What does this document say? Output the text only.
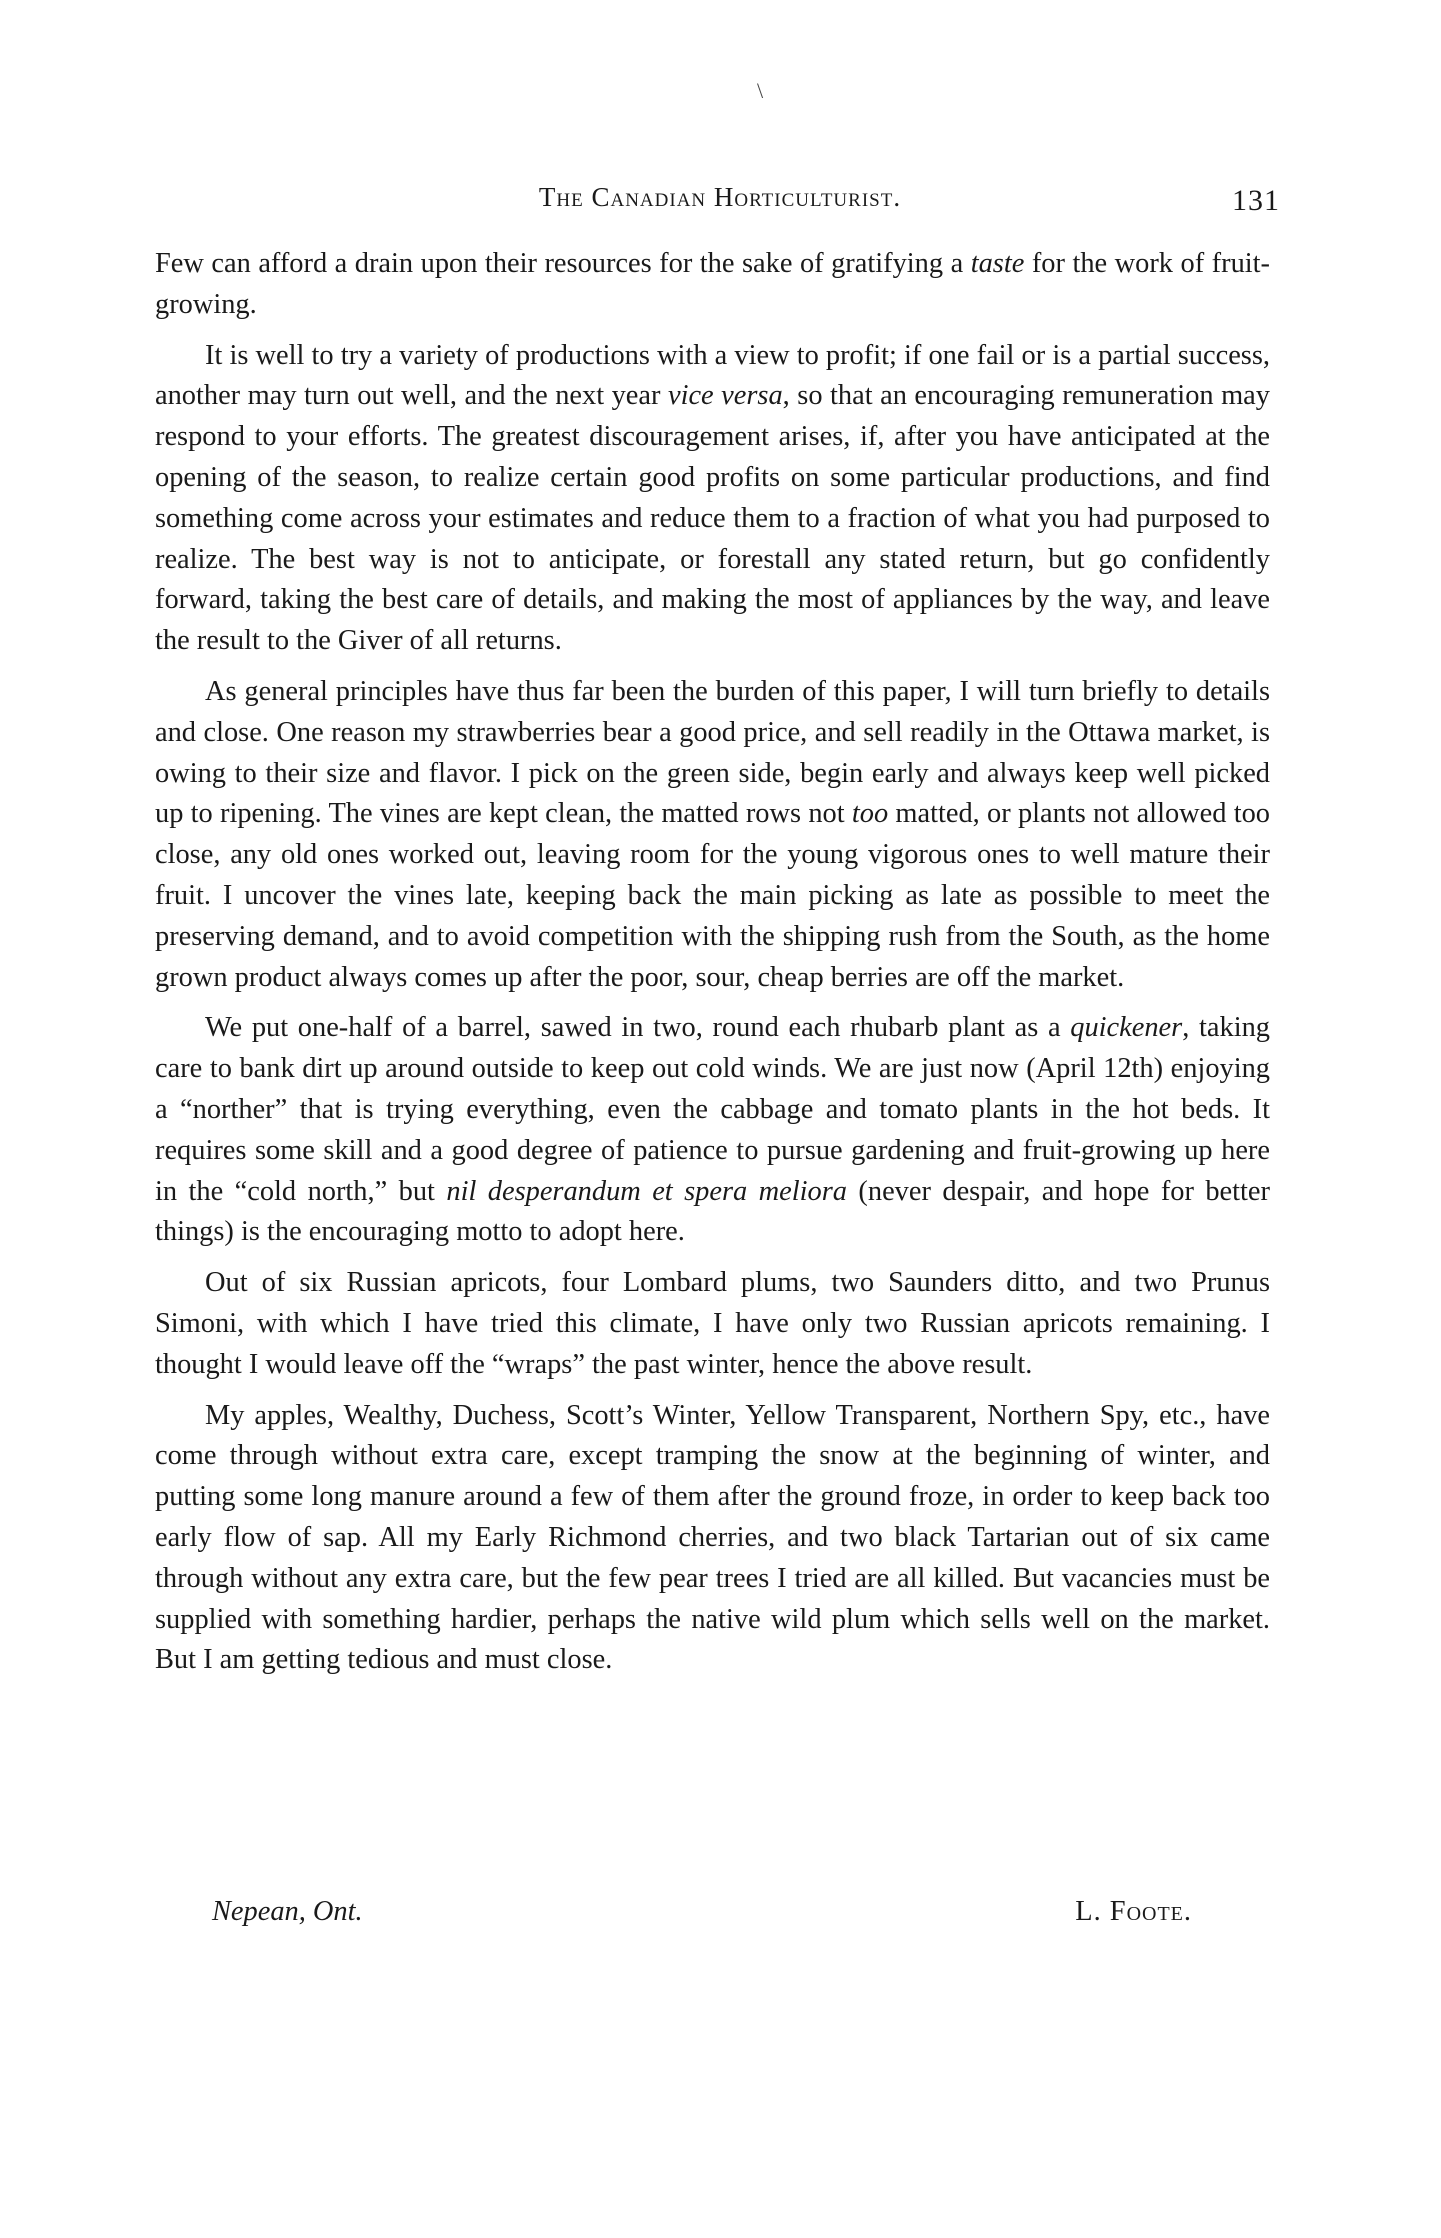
\
The Canadian Horticulturist.	131

Few can afford a drain upon their resources for the sake of gratifying a taste for the work of fruit-growing.

It is well to try a variety of productions with a view to profit; if one fail or is a partial success, another may turn out well, and the next year vice versa, so that an encouraging remuneration may respond to your efforts. The greatest discouragement arises, if, after you have anticipated at the opening of the season, to realize certain good profits on some particular productions, and find something come across your estimates and reduce them to a fraction of what you had purposed to realize. The best way is not to anticipate, or forestall any stated return, but go confidently forward, taking the best care of details, and making the most of appliances by the way, and leave the result to the Giver of all returns.

As general principles have thus far been the burden of this paper, I will turn briefly to details and close. One reason my strawberries bear a good price, and sell readily in the Ottawa market, is owing to their size and flavor. I pick on the green side, begin early and always keep well picked up to ripening. The vines are kept clean, the matted rows not too matted, or plants not allowed too close, any old ones worked out, leaving room for the young vigorous ones to well mature their fruit. I uncover the vines late, keeping back the main picking as late as possible to meet the preserving demand, and to avoid competition with the shipping rush from the South, as the home grown product always comes up after the poor, sour, cheap berries are off the market.

We put one-half of a barrel, sawed in two, round each rhubarb plant as a quickener, taking care to bank dirt up around outside to keep out cold winds. We are just now (April 12th) enjoying a “norther” that is trying everything, even the cabbage and tomato plants in the hot beds. It requires some skill and a good degree of patience to pursue gardening and fruit-growing up here in the “cold north,” but nil desperandum et spera meliora (never despair, and hope for better things) is the encouraging motto to adopt here.

Out of six Russian apricots, four Lombard plums, two Saunders ditto, and two Prunus Simoni, with which I have tried this climate, I have only two Russian apricots remaining. I thought I would leave off the “wraps” the past winter, hence the above result.

My apples, Wealthy, Duchess, Scott’s Winter, Yellow Transparent, Northern Spy, etc., have come through without extra care, except tramping the snow at the beginning of winter, and putting some long manure around a few of them after the ground froze, in order to keep back too early flow of sap. All my Early Richmond cherries, and two black Tartarian out of six came through without any extra care, but the few pear trees I tried are all killed. But vacancies must be supplied with something hardier, perhaps the native wild plum which sells well on the market. But I am getting tedious and must close.

Nepean, Ont.	L. Foote.
